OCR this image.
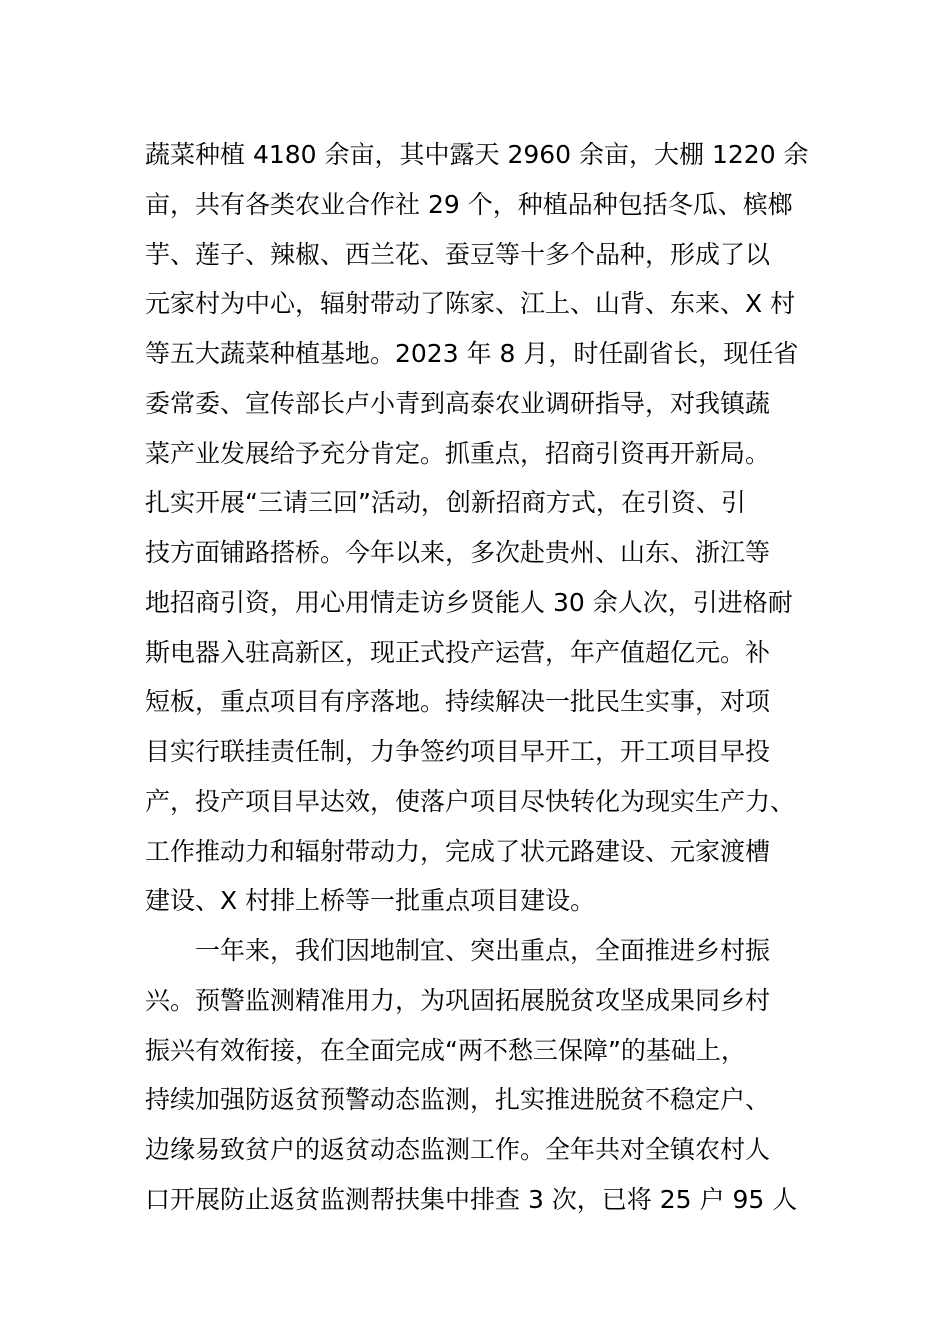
蔬菜种植 4180 余亩，其中露天 2960 余亩，大棚 1220 余

亩，共有各类农业合作社 29 个，种植品种包括冬瓜、槟榔

芋、莲子、辣椒、西兰花、蚕豆等十多个品种，形成了以

元家村为中心，辐射带动了陈家、江上、山背、东来、X 村

等五大蔬菜种植基地。2023 年 8 月，时任副省长，现任省

委常委、宣传部长卢小青到高泰农业调研指导，对我镇蔬

菜产业发展给予充分肯定。抓重点，招商引资再开新局。

扎实开展“三请三回”活动，创新招商方式，在引资、引

技方面铺路搭桥。今年以来，多次赴贵州、山东、浙江等

地招商引资，用心用情走访乡贤能人 30 余人次，引进格耐

斯电器入驻高新区，现正式投产运营，年产值超亿元。补

短板，重点项目有序落地。持续解决一批民生实事，对项

目实行联挂责任制，力争签约项目早开工，开工项目早投

产，投产项目早达效，使落户项目尽快转化为现实生产力、

工作推动力和辐射带动力，完成了状元路建设、元家渡槽

建设、X 村排上桥等一批重点项目建设。

一年来，我们因地制宜、突出重点，全面推进乡村振

兴。预警监测精准用力，为巩固拓展脱贫攻坚成果同乡村

振兴有效衔接，在全面完成“两不愁三保障”的基础上，

持续加强防返贫预警动态监测，扎实推进脱贫不稳定户、

边缘易致贫户的返贫动态监测工作。全年共对全镇农村人

口开展防止返贫监测帮扶集中排查 3 次，已将 25 户 95 人
